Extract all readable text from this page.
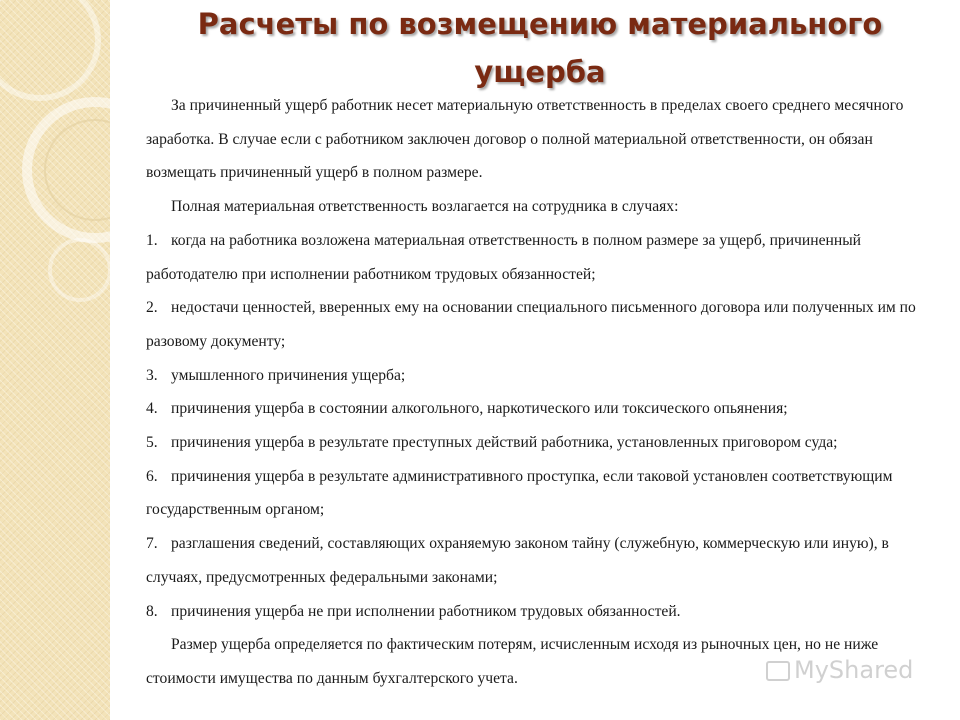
Расчеты по возмещению материального
ущерба

За причиненный ущерб работник несет материальную ответственность в пределах своего среднего месячного заработка. В случае если с работником заключен договор о полной материальной ответственности, он обязан возмещать причиненный ущерб в полном размере.

Полная материальная ответственность возлагается на сотрудника в случаях:

1. когда на работника возложена материальная ответственность в полном размере за ущерб, причиненный работодателю при исполнении работником трудовых обязанностей;

2. недостачи ценностей, вверенных ему на основании специального письменного договора или полученных им по разовому документу;

3. умышленного причинения ущерба;

4. причинения ущерба в состоянии алкогольного, наркотического или токсического опьянения;

5. причинения ущерба в результате преступных действий работника, установленных приговором суда;

6. причинения ущерба в результате административного проступка, если таковой установлен соответствующим государственным органом;

7. разглашения сведений, составляющих охраняемую законом тайну (служебную, коммерческую или иную), в случаях, предусмотренных федеральными законами;

8. причинения ущерба не при исполнении работником трудовых обязанностей.

Размер ущерба определяется по фактическим потерям, исчисленным исходя из рыночных цен, но не ниже стоимости имущества по данным бухгалтерского учета.	MyShared
